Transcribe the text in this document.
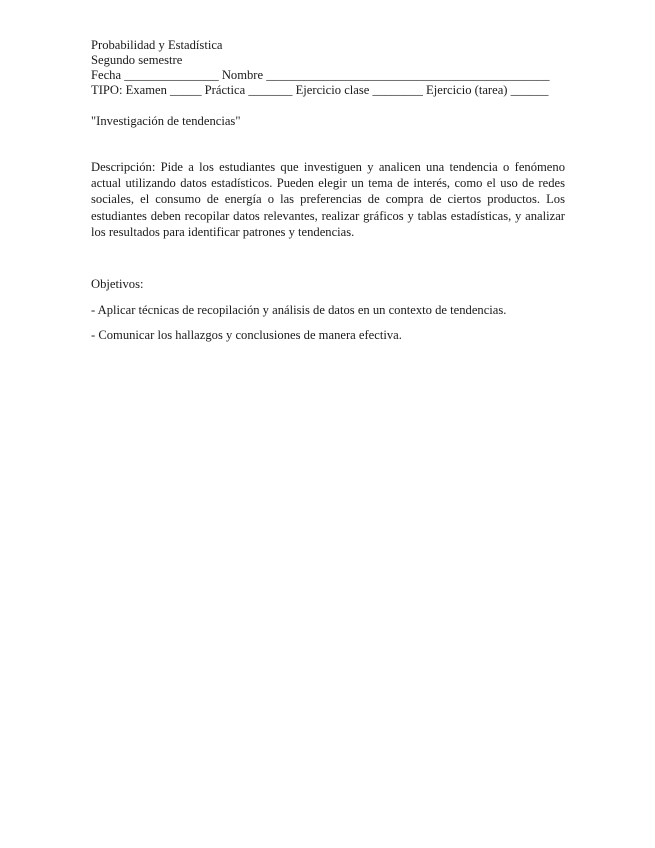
Probabilidad y Estadística
Segundo semestre
Fecha _______________ Nombre _____________________________________________
TIPO: Examen _____ Práctica _______ Ejercicio clase ________ Ejercicio (tarea) ______
"Investigación de tendencias"
Descripción: Pide a los estudiantes que investiguen y analicen una tendencia o fenómeno actual utilizando datos estadísticos. Pueden elegir un tema de interés, como el uso de redes sociales, el consumo de energía o las preferencias de compra de ciertos productos. Los estudiantes deben recopilar datos relevantes, realizar gráficos y tablas estadísticas, y analizar los resultados para identificar patrones y tendencias.
Objetivos:
- Aplicar técnicas de recopilación y análisis de datos en un contexto de tendencias.
- Comunicar los hallazgos y conclusiones de manera efectiva.
